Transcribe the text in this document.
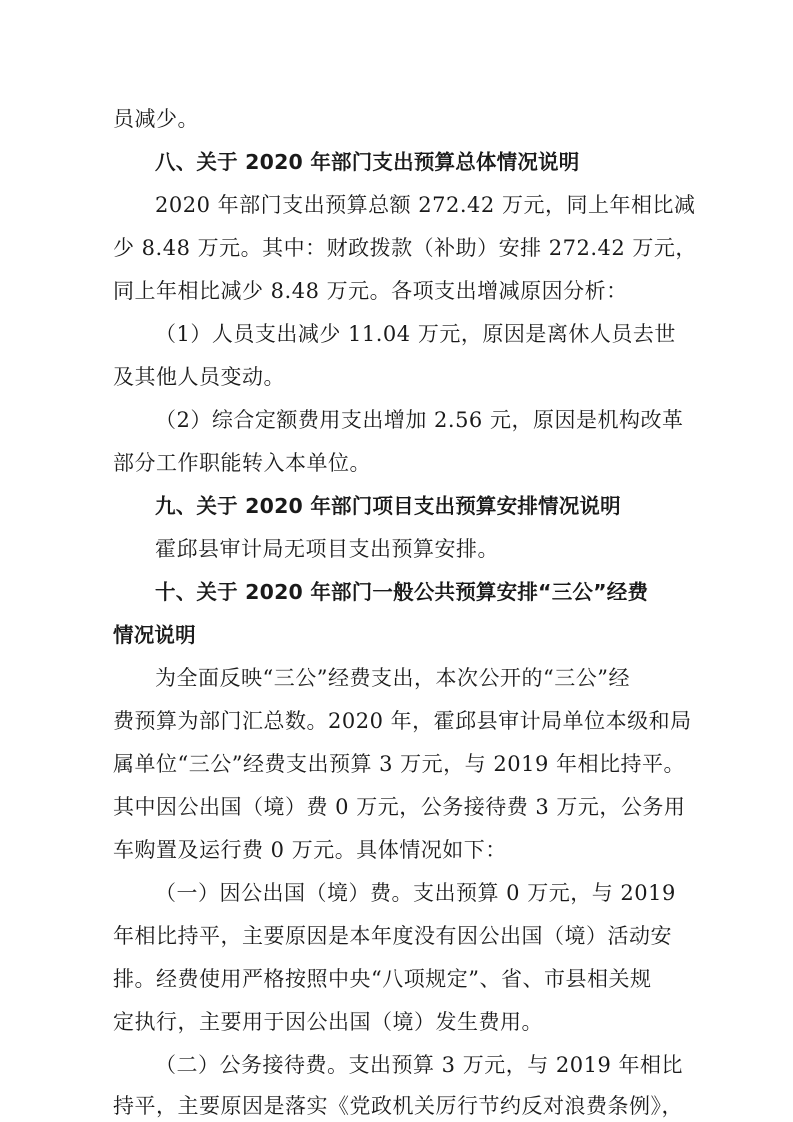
员减少。
八、关于 2020 年部门支出预算总体情况说明
2020 年部门支出预算总额 272.42 万元，同上年相比减
少 8.48 万元。其中：财政拨款（补助）安排 272.42 万元，
同上年相比减少 8.48 万元。各项支出增减原因分析：
（1）人员支出减少 11.04 万元，原因是离休人员去世
及其他人员变动。
（2）综合定额费用支出增加 2.56 元，原因是机构改革
部分工作职能转入本单位。
九、关于 2020 年部门项目支出预算安排情况说明
霍邱县审计局无项目支出预算安排。
十、关于 2020 年部门一般公共预算安排“三公”经费
情况说明
为全面反映“三公”经费支出，本次公开的“三公”经
费预算为部门汇总数。2020 年，霍邱县审计局单位本级和局
属单位“三公”经费支出预算 3 万元，与 2019 年相比持平。
其中因公出国（境）费 0 万元，公务接待费 3 万元，公务用
车购置及运行费 0 万元。具体情况如下：
（一）因公出国（境）费。支出预算 0 万元，与 2019
年相比持平，主要原因是本年度没有因公出国（境）活动安
排。经费使用严格按照中央“八项规定”、省、市县相关规
定执行，主要用于因公出国（境）发生费用。
（二）公务接待费。支出预算 3 万元，与 2019 年相比
持平，主要原因是落实《党政机关厉行节约反对浪费条例》，
